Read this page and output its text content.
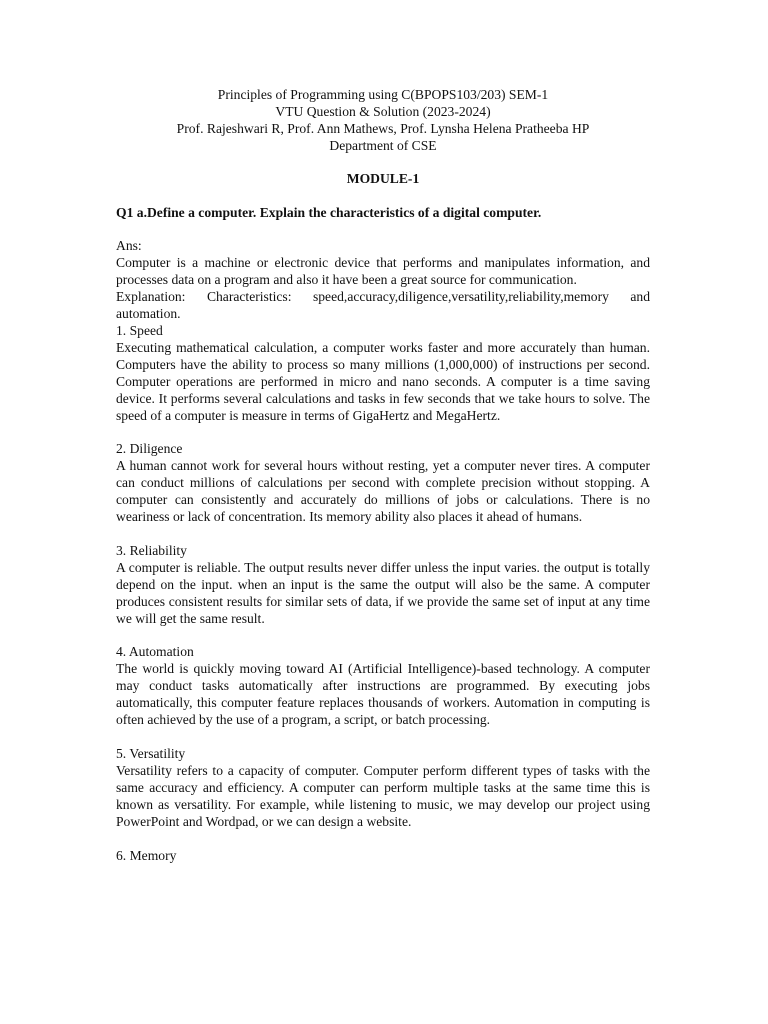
Principles of Programming using C(BPOPS103/203) SEM-1
VTU Question & Solution (2023-2024)
Prof. Rajeshwari R, Prof. Ann Mathews, Prof. Lynsha Helena Pratheeba HP
Department of CSE
MODULE-1
Q1 a.Define a computer. Explain the characteristics of a digital computer.
Ans:

Computer is a machine or electronic device that performs and manipulates information, and processes data on a program and also it have been a great source for communication.

Explanation: Characteristics: speed,accuracy,diligence,versatility,reliability,memory and automation.

1. Speed

Executing mathematical calculation, a computer works faster and more accurately than human. Computers have the ability to process so many millions (1,000,000) of instructions per second. Computer operations are performed in micro and nano seconds. A computer is a time saving device. It performs several calculations and tasks in few seconds that we take hours to solve. The speed of a computer is measure in terms of GigaHertz and MegaHertz.

2. Diligence

A human cannot work for several hours without resting, yet a computer never tires. A computer can conduct millions of calculations per second with complete precision without stopping. A computer can consistently and accurately do millions of jobs or calculations. There is no weariness or lack of concentration. Its memory ability also places it ahead of humans.

3. Reliability

A computer is reliable. The output results never differ unless the input varies. the output is totally depend on the input. when an input is the same the output will also be the same. A computer produces consistent results for similar sets of data, if we provide the same set of input at any time we will get the same result.

4. Automation

The world is quickly moving toward AI (Artificial Intelligence)-based technology. A computer may conduct tasks automatically after instructions are programmed. By executing jobs automatically, this computer feature replaces thousands of workers. Automation in computing is often achieved by the use of a program, a script, or batch processing.

5. Versatility

Versatility refers to a capacity of computer. Computer perform different types of tasks with the same accuracy and efficiency. A computer can perform multiple tasks at the same time this is known as versatility. For example, while listening to music, we may develop our project using PowerPoint and Wordpad, or we can design a website.

6. Memory
